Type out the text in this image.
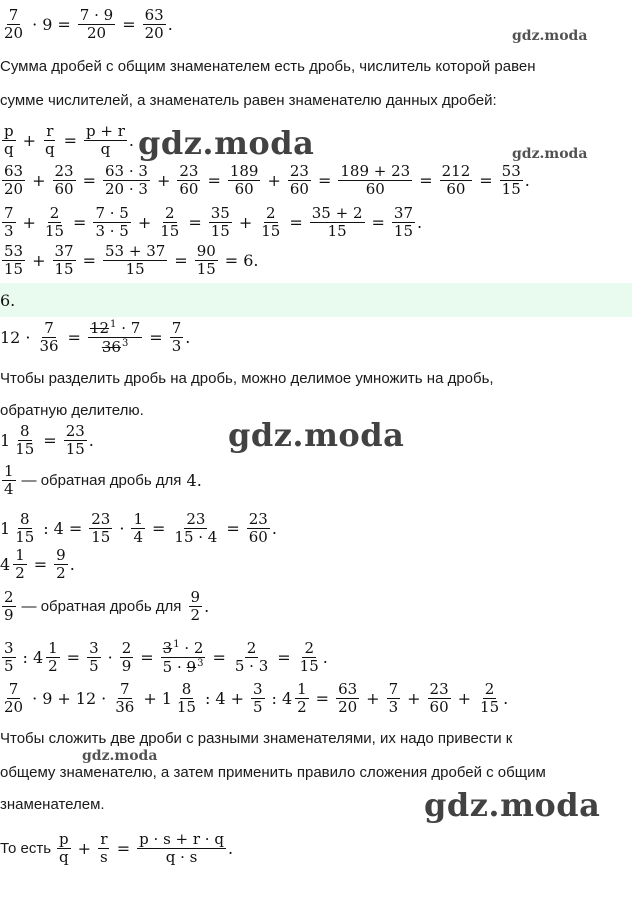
$\frac{7}{20} \cdot 9 = \frac{7 \cdot 9}{20} = \frac{63}{20}$ .
Сумма дробей с общим знаменателем есть дробь, числитель которой равен
сумме числителей, а знаменатель равен знаменателю данных дробей:
$\frac{p}{q} + \frac{r}{q} = \frac{p + r}{q}$ .
$\frac{63}{20} + \frac{23}{60} = \frac{63 \cdot 3}{20 \cdot 3} + \frac{23}{60} = \frac{189}{60} + \frac{23}{60} = \frac{189 + 23}{60} = \frac{212}{60} = \frac{53}{15}$ .
$\frac{7}{3} + \frac{2}{15} = \frac{7 \cdot 5}{3 \cdot 5} + \frac{2}{15} = \frac{35}{15} + \frac{2}{15} = \frac{35 + 2}{15} = \frac{37}{15}$ .
$\frac{53}{15} + \frac{37}{15} = \frac{53 + 37}{15} = \frac{90}{15} = 6$ .
6.
$12 \cdot \frac{7}{36} = \frac{12^1 \cdot 7}{36^3} = \frac{7}{3}$ .
Чтобы разделить дробь на дробь, можно делимое умножить на дробь,
обратную делителю.
$1 \frac{8}{15} = \frac{23}{15}$ .
$\frac{1}{4}$ — обратная дробь для
4 .
$1 \frac{8}{15}$ : $4 = \frac{23}{15} \cdot \frac{1}{4} = \frac{23}{15 \cdot 4} = \frac{23}{60}$ .
$4 \frac{1}{2} = \frac{9}{2}$ .
$\frac{2}{9}$ — обратная дробь для
$\frac{9}{2}$ .
$\frac{3}{5}$ : $4 \frac{1}{2} = \frac{3}{5} \cdot \frac{2}{9} = \frac{3^1 \cdot 2}{5 \cdot 9^3} = \frac{2}{5 \cdot 3} = \frac{2}{15}$ .
$\frac{7}{20} \cdot 9 + 12 \cdot \frac{7}{36} + 1 \frac{8}{15}$ : $4 + \frac{3}{5}$ : $4 \frac{1}{2} = \frac{63}{20} + \frac{7}{3} + \frac{23}{60} + \frac{2}{15}$ .
Чтобы сложить две дроби с разными знаменателями, их надо привести к
общему знаменателю, а затем применить правило сложения дробей с общим
знаменателем.
То есть $\frac{p}{q} + \frac{r}{s} = \frac{p \cdot s + r \cdot q}{q \cdot s}$ .
gdz.moda
gdz.moda	gdz.moda
gdz.moda
gdz.moda
gdz.moda
